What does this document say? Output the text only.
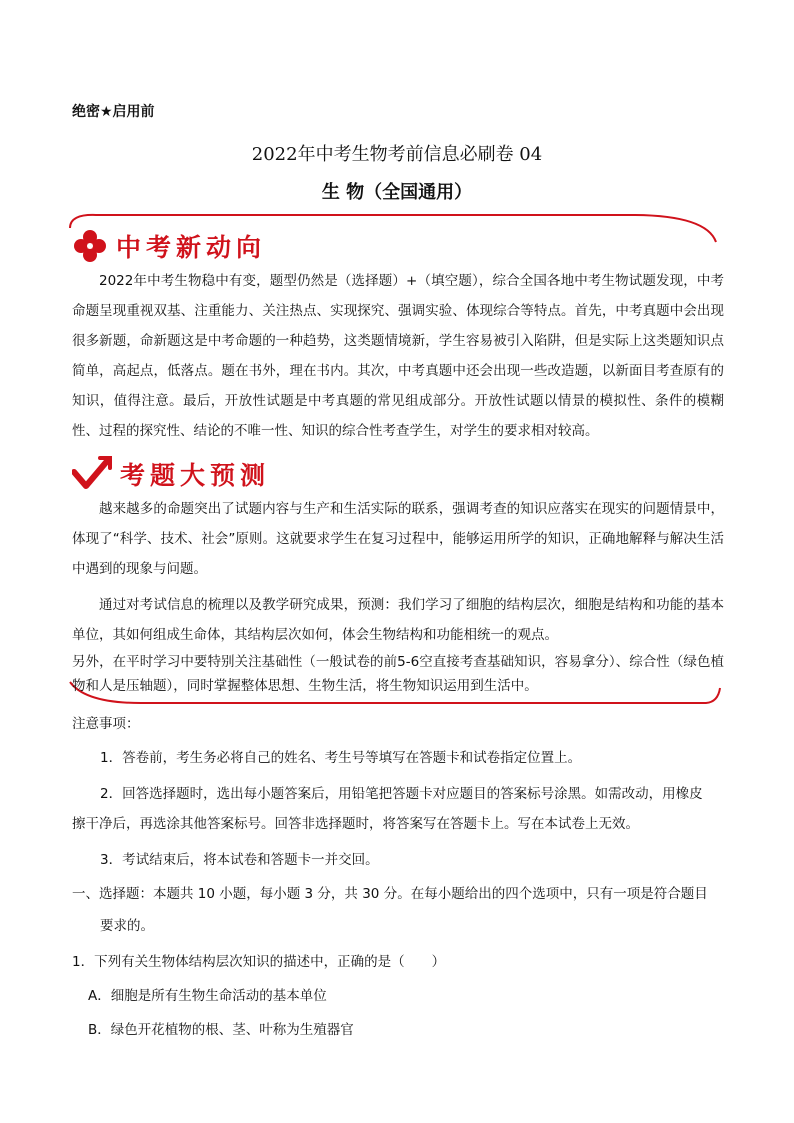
绝密★启用前
2022年中考生物考前信息必刷卷 04
生 物（全国通用）
中考新动向

2022年中考生物稳中有变，题型仍然是（选择题）+（填空题），综合全国各地中考生物试题发现，中考命题呈现重视双基、注重能力、关注热点、实现探究、强调实验、体现综合等特点。首先，中考真题中会出现很多新题，命新题这是中考命题的一种趋势，这类题情境新，学生容易被引入陷阱，但是实际上这类题知识点简单，高起点，低落点。题在书外，理在书内。其次，中考真题中还会出现一些改造题，以新面目考查原有的知识，值得注意。最后，开放性试题是中考真题的常见组成部分。开放性试题以情景的模拟性、条件的模糊性、过程的探究性、结论的不唯一性、知识的综合性考查学生，对学生的要求相对较高。

考题大预测

越来越多的命题突出了试题内容与生产和生活实际的联系，强调考查的知识应落实在现实的问题情景中，体现了“科学、技术、社会”原则。这就要求学生在复习过程中，能够运用所学的知识，正确地解释与解决生活中遇到的现象与问题。

通过对考试信息的梳理以及教学研究成果，预测：我们学习了细胞的结构层次，细胞是结构和功能的基本单位，其如何组成生命体，其结构层次如何，体会生物结构和功能相统一的观点。

另外，在平时学习中要特别关注基础性（一般试卷的前5-6空直接考查基础知识，容易拿分）、综合性（绿色植物和人是压轴题），同时掌握整体思想、生物生活，将生物知识运用到生活中。

注意事项：
1．答卷前，考生务必将自己的姓名、考生号等填写在答题卡和试卷指定位置上。
2．回答选择题时，选出每小题答案后，用铅笔把答题卡对应题目的答案标号涂黑。如需改动，用橡皮
擦干净后，再选涂其他答案标号。回答非选择题时，将答案写在答题卡上。写在本试卷上无效。
3．考试结束后，将本试卷和答题卡一并交回。
一、选择题：本题共 10 小题，每小题 3 分，共 30 分。在每小题给出的四个选项中，只有一项是符合题目
要求的。
1．下列有关生物体结构层次知识的描述中，正确的是（　　）
A．细胞是所有生物生命活动的基本单位
B．绿色开花植物的根、茎、叶称为生殖器官
